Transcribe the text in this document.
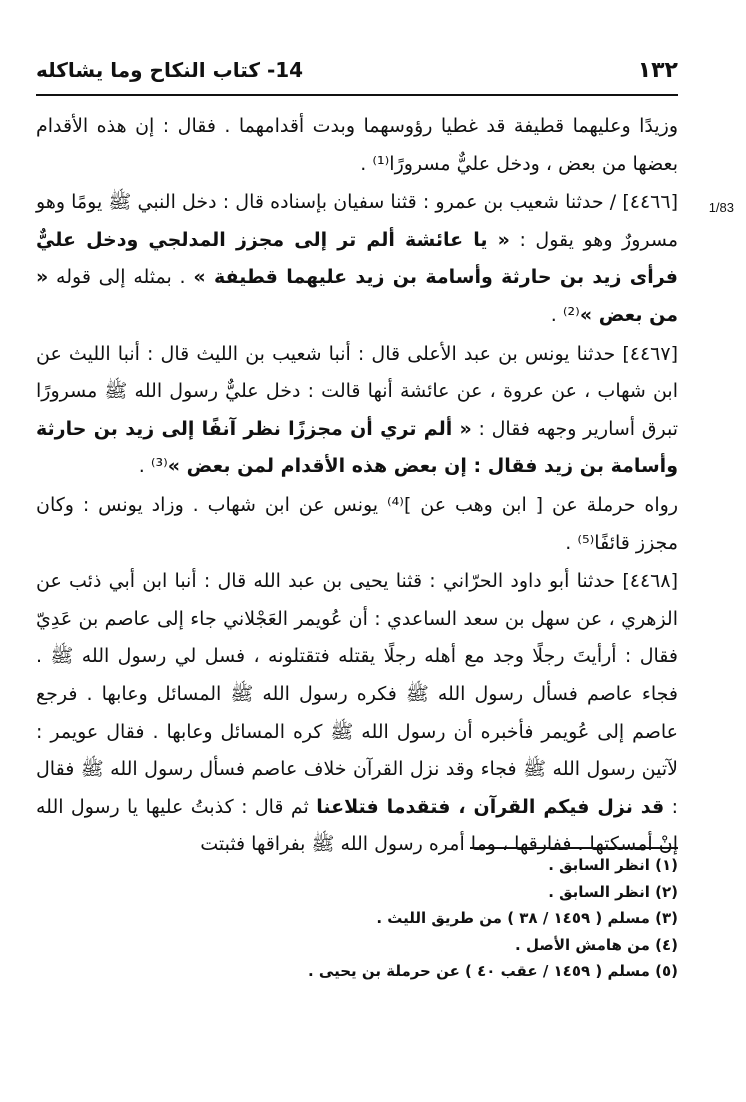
١٣٢
14- كتاب النكاح وما يشاكله
1/83

وزيدًا وعليهما قطيفة قد غطيا رؤوسهما وبدت أقدامهما . فقال : إن هذه الأقدام بعضها من بعض ، ودخل عليٌّ مسرورًا⁽¹⁾ .

[٤٤٦٦] / حدثنا شعيب بن عمرو : قثنا سفيان بإسناده قال : دخل النبي ﷺ يومًا وهو مسرورٌ وهو يقول : « يا عائشة ألم تر إلى مجزز المدلجي ودخل عليٌّ فرأى زيد بن حارثة وأسامة بن زيد عليهما قطيفة » . بمثله إلى قوله « من بعض »⁽²⁾ .

[٤٤٦٧] حدثنا يونس بن عبد الأعلى قال : أنبا شعيب بن الليث قال : أنبا الليث عن ابن شهاب ، عن عروة ، عن عائشة أنها قالت : دخل عليٌّ رسول الله ﷺ مسرورًا تبرق أسارير وجهه فقال : « ألم تري أن مجززًا نظر آنفًا إلى زيد بن حارثة وأسامة بن زيد فقال : إن بعض هذه الأقدام لمن بعض »⁽³⁾ .

رواه حرملة عن [ ابن وهب عن ]⁽⁴⁾ يونس عن ابن شهاب . وزاد يونس : وكان مجزز قائفًا⁽⁵⁾ .

[٤٤٦٨] حدثنا أبو داود الحرّاني : قثنا يحيى بن عبد الله قال : أنبا ابن أبي ذئب عن الزهري ، عن سهل بن سعد الساعدي : أن عُويمر العَجْلاني جاء إلى عاصم بن عَدِيّ فقال : أرأيتَ رجلًا وجد مع أهله رجلًا يقتله فتقتلونه ، فسل لي رسول الله ﷺ . فجاء عاصم فسأل رسول الله ﷺ فكره رسول الله ﷺ المسائل وعابها . فرجع عاصم إلى عُويمر فأخبره أن رسول الله ﷺ كره المسائل وعابها . فقال عويمر : لآتين رسول الله ﷺ فجاء وقد نزل القرآن خلاف عاصم فسأل رسول الله ﷺ فقال : قد نزل فيكم القرآن ، فتقدما فتلاعنا ثم قال : كذبتُ عليها يا رسول الله إنْ أمسكتها . ففارقها ، وما أمره رسول الله ﷺ بفراقها فثبتت

(١) انظر السابق .
(٢) انظر السابق .
(٣) مسلم ( ١٤٥٩ / ٣٨ ) من طريق الليث .
(٤) من هامش الأصل .
(٥) مسلم ( ١٤٥٩ / عقب ٤٠ ) عن حرملة بن يحيى .
